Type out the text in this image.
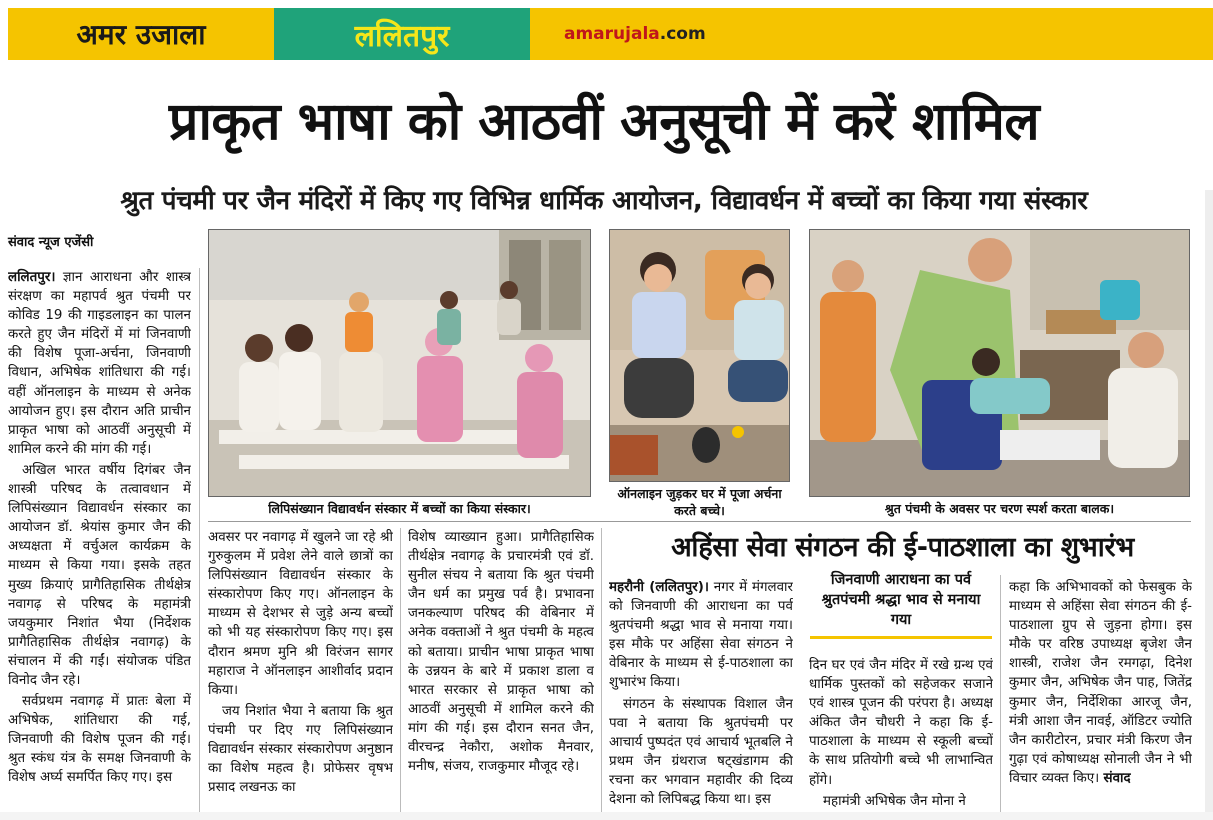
अमर उजाला	ललितपुर	amarujala .com
प्राकृत भाषा को आठवीं अनुसूची में करें शामिल
श्रुत पंचमी पर जैन मंदिरों में किए गए विभिन्न धार्मिक आयोजन, विद्यावर्धन में बच्चों का किया गया संस्कार
संवाद न्यूज एजेंसी

ललितपुर। ज्ञान आराधना और शास्त्र संरक्षण का महापर्व श्रुत पंचमी पर कोविड 19 की गाइडलाइन का पालन करते हुए जैन मंदिरों में मां जिनवाणी की विशेष पूजा-अर्चना, जिनवाणी विधान, अभिषेक शांतिधारा की गई। वहीं ऑनलाइन के माध्यम से अनेक आयोजन हुए। इस दौरान अति प्राचीन प्राकृत भाषा को आठवीं अनुसूची में शामिल करने की मांग की गई।

अखिल भारत वर्षीय दिगंबर जैन शास्त्री परिषद के तत्वावधान में लिपिसंख्यान विद्यावर्धन संस्कार का आयोजन डॉ. श्रेयांस कुमार जैन की अध्यक्षता में वर्चुअल कार्यक्रम के माध्यम से किया गया। इसके तहत मुख्य क्रियाएं प्रागैतिहासिक तीर्थक्षेत्र नवागढ़ से परिषद के महामंत्री जयकुमार निशांत भैया (निर्देशक प्रागैतिहासिक तीर्थक्षेत्र नवागढ़) के संचालन में की गईं। संयोजक पंडित विनोद जैन रहे।

सर्वप्रथम नवागढ़ में प्रातः बेला में अभिषेक, शांतिधारा की गई, जिनवाणी की विशेष पूजन की गई। श्रुत स्कंध यंत्र के समक्ष जिनवाणी के विशेष अर्घ्य समर्पित किए गए। इस

लिपिसंख्यान विद्यावर्धन संस्कार में बच्चों का किया संस्कार।
ऑनलाइन जुड़कर घर में पूजा अर्चना करते बच्चे।	श्रुत पंचमी के अवसर पर चरण स्पर्श करता बालक।

अवसर पर नवागढ़ में खुलने जा रहे श्री गुरुकुलम में प्रवेश लेने वाले छात्रों का लिपिसंख्यान विद्यावर्धन संस्कार के संस्कारोपण किए गए। ऑनलाइन के माध्यम से देशभर से जुड़े अन्य बच्चों को भी यह संस्कारोपण किए गए। इस दौरान श्रमण मुनि श्री विरंजन सागर महाराज ने ऑनलाइन आशीर्वाद प्रदान किया।

जय निशांत भैया ने बताया कि श्रुत पंचमी पर दिए गए लिपिसंख्यान विद्यावर्धन संस्कार संस्कारोपण अनुष्ठान का विशेष महत्व है। प्रोफेसर वृषभ प्रसाद लखनऊ का

विशेष व्याख्यान हुआ। प्रागैतिहासिक तीर्थक्षेत्र नवागढ़ के प्रचारमंत्री एवं डॉ. सुनील संचय ने बताया कि श्रुत पंचमी जैन धर्म का प्रमुख पर्व है। प्रभावना जनकल्याण परिषद की वेबिनार में अनेक वक्ताओं ने श्रुत पंचमी के महत्व को बताया। प्राचीन भाषा प्राकृत भाषा के उन्नयन के बारे में प्रकाश डाला व भारत सरकार से प्राकृत भाषा को आठवीं अनुसूची में शामिल करने की मांग की गई। इस दौरान सनत जैन, वीरचन्द्र नेकौरा, अशोक मैनवार, मनीष, संजय, राजकुमार मौजूद रहे।

अहिंसा सेवा संगठन की ई-पाठशाला का शुभारंभ

महरौनी (ललितपुर)। नगर में मंगलवार को जिनवाणी की आराधना का पर्व श्रुतपंचमी श्रद्धा भाव से मनाया गया। इस मौके पर अहिंसा सेवा संगठन ने वेबिनार के माध्यम से ई-पाठशाला का शुभारंभ किया।

संगठन के संस्थापक विशाल जैन पवा ने बताया कि श्रुतपंचमी पर आचार्य पुष्पदंत एवं आचार्य भूतबलि ने प्रथम जैन ग्रंथराज षट्खंडागम की रचना कर भगवान महावीर की दिव्य देशना को लिपिबद्ध किया था। इस

जिनवाणी आराधना का पर्व श्रुतपंचमी श्रद्धा भाव से मनाया गया

दिन घर एवं जैन मंदिर में रखे ग्रन्थ एवं धार्मिक पुस्तकों को सहेजकर सजाने एवं शास्त्र पूजन की परंपरा है। अध्यक्ष अंकित जैन चौधरी ने कहा कि ई-पाठशाला के माध्यम से स्कूली बच्चों के साथ प्रतियोगी बच्चे भी लाभान्वित होंगे।

महामंत्री अभिषेक जैन मोना ने

कहा कि अभिभावकों को फेसबुक के माध्यम से अहिंसा सेवा संगठन की ई-पाठशाला ग्रुप से जुड़ना होगा। इस मौके पर वरिष्ठ उपाध्यक्ष बृजेश जैन शास्त्री, राजेश जैन रमगढ़ा, दिनेश कुमार जैन, अभिषेक जैन पाह, जितेंद्र कुमार जैन, निर्देशिका आरजू जैन, मंत्री आशा जैन नावई, ऑडिटर ज्योति जैन कारीटोरन, प्रचार मंत्री किरण जैन गुढ़ा एवं कोषाध्यक्ष सोनाली जैन ने भी विचार व्यक्त किए। संवाद
